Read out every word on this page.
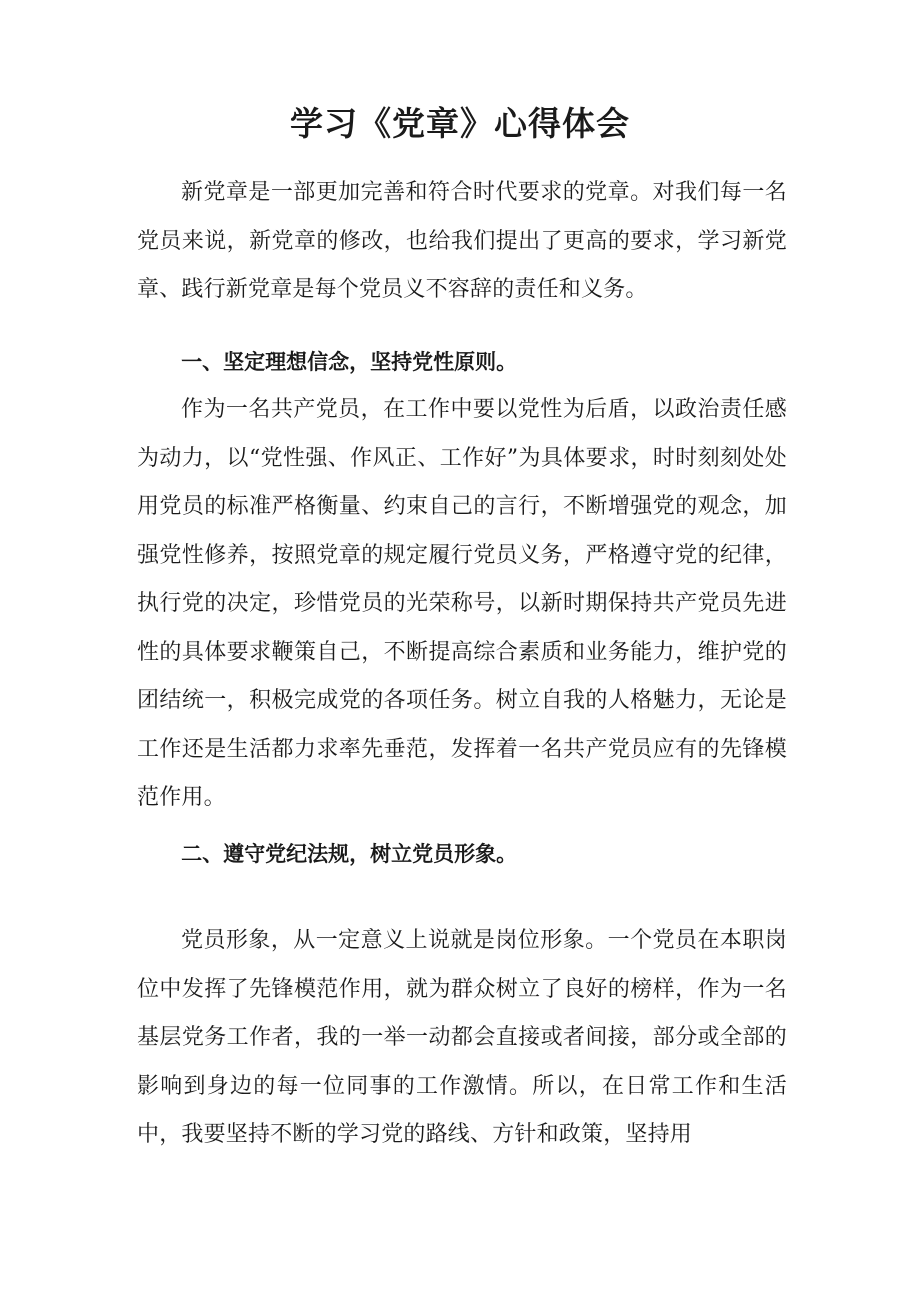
学习《党章》心得体会

新党章是一部更加完善和符合时代要求的党章。对我们每一名党员来说，新党章的修改，也给我们提出了更高的要求，学习新党章、践行新党章是每个党员义不容辞的责任和义务。

一、坚定理想信念，坚持党性原则。

作为一名共产党员，在工作中要以党性为后盾，以政治责任感为动力，以“党性强、作风正、工作好”为具体要求，时时刻刻处处用党员的标准严格衡量、约束自己的言行，不断增强党的观念，加强党性修养，按照党章的规定履行党员义务，严格遵守党的纪律，执行党的决定，珍惜党员的光荣称号，以新时期保持共产党员先进性的具体要求鞭策自己，不断提高综合素质和业务能力，维护党的团结统一，积极完成党的各项任务。树立自我的人格魅力，无论是工作还是生活都力求率先垂范，发挥着一名共产党员应有的先锋模范作用。

二、遵守党纪法规，树立党员形象。

党员形象，从一定意义上说就是岗位形象。一个党员在本职岗位中发挥了先锋模范作用，就为群众树立了良好的榜样，作为一名基层党务工作者，我的一举一动都会直接或者间接，部分或全部的影响到身边的每一位同事的工作激情。所以，在日常工作和生活中，我要坚持不断的学习党的路线、方针和政策，坚持用
